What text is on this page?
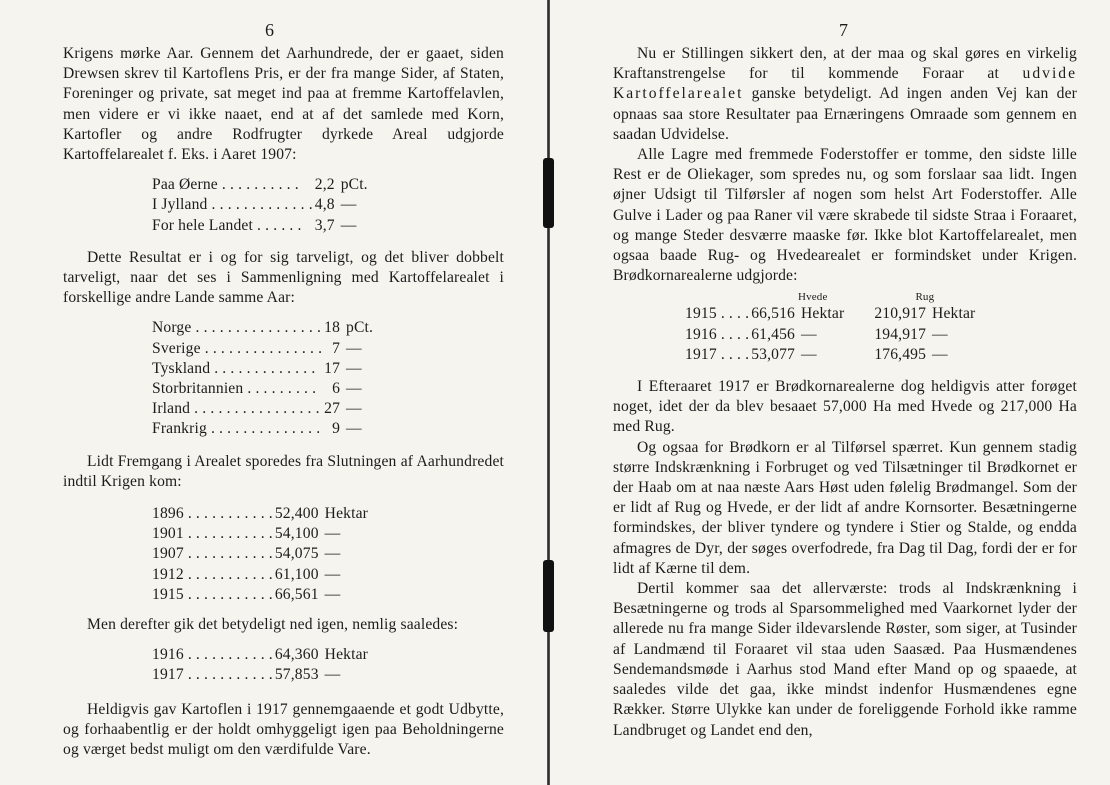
6

Krigens mørke Aar. Gennem det Aarhundrede, der er gaaet, siden Drewsen skrev til Kartoflens Pris, er der fra mange Sider, af Staten, Foreninger og private, sat meget ind paa at fremme Kartoffelavlen, men videre er vi ikke naaet, end at af det samlede med Korn, Kartofler og andre Rodfrugter dyrkede Areal udgjorde Kartoffelarealet f. Eks. i Aaret 1907:

Paa Øerne . . . . . . . . . .	2,2	pCt.
I Jylland . . . . . . . . . . . . .	4,8	—
For hele Landet . . . . . .	3,7	—

Dette Resultat er i og for sig tarveligt, og det bliver dobbelt tarveligt, naar det ses i Sammenligning med Kartoffelarealet i forskellige andre Lande samme Aar:

Norge . . . . . . . . . . . . . . . .	18	pCt.
Sverige . . . . . . . . . . . . . . .	7	—
Tyskland . . . . . . . . . . . . .	17	—
Storbritannien . . . . . . . . .	6	—
Irland . . . . . . . . . . . . . . . .	27	—
Frankrig . . . . . . . . . . . . . .	9	—

Lidt Fremgang i Arealet sporedes fra Slutningen af Aarhundredet indtil Krigen kom:

1896 . . . . . . . . . . .	52,400	Hektar
1901 . . . . . . . . . . .	54,100	—
1907 . . . . . . . . . . .	54,075	—
1912 . . . . . . . . . . .	61,100	—
1915 . . . . . . . . . . .	66,561	—

Men derefter gik det betydeligt ned igen, nemlig saaledes:

1916 . . . . . . . . . . .	64,360	Hektar
1917 . . . . . . . . . . .	57,853	—

Heldigvis gav Kartoflen i 1917 gennemgaaende et godt Udbytte, og forhaabentlig er der holdt omhyggeligt igen paa Beholdningerne og værget bedst muligt om den værdifulde Vare.

7

Nu er Stillingen sikkert den, at der maa og skal gøres en virkelig Kraftanstrengelse for til kommende Foraar at udvide Kartoffelarealet ganske betydeligt. Ad ingen anden Vej kan der opnaas saa store Resultater paa Ernæringens Omraade som gennem en saadan Udvidelse.

Alle Lagre med fremmede Foderstoffer er tomme, den sidste lille Rest er de Oliekager, som spredes nu, og som forslaar saa lidt. Ingen øjner Udsigt til Tilførsler af nogen som helst Art Foderstoffer. Alle Gulve i Lader og paa Raner vil være skrabede til sidste Straa i Foraaret, og mange Steder desværre maaske før. Ikke blot Kartoffelarealet, men ogsaa baade Rug- og Hvedearealet er formindsket under Krigen. Brødkornarealerne udgjorde:

	Hvede		Rug	
1915 . . . .	66,516	Hektar	210,917	Hektar
1916 . . . .	61,456	—	194,917	—
1917 . . . .	53,077	—	176,495	—

I Efteraaret 1917 er Brødkornarealerne dog heldigvis atter forøget noget, idet der da blev besaaet 57,000 Ha med Hvede og 217,000 Ha med Rug.

Og ogsaa for Brødkorn er al Tilførsel spærret. Kun gennem stadig større Indskrænkning i Forbruget og ved Tilsætninger til Brødkornet er der Haab om at naa næste Aars Høst uden følelig Brødmangel. Som der er lidt af Rug og Hvede, er der lidt af andre Kornsorter. Besætningerne formindskes, der bliver tyndere og tyndere i Stier og Stalde, og endda afmagres de Dyr, der søges overfodrede, fra Dag til Dag, fordi der er for lidt af Kærne til dem.

Dertil kommer saa det allerværste: trods al Indskrænkning i Besætningerne og trods al Sparsommelighed med Vaarkornet lyder der allerede nu fra mange Sider ildevarslende Røster, som siger, at Tusinder af Landmænd til Foraaret vil staa uden Saasæd. Paa Husmændenes Sendemandsmøde i Aarhus stod Mand efter Mand op og spaaede, at saaledes vilde det gaa, ikke mindst indenfor Husmændenes egne Rækker. Større Ulykke kan under de foreliggende Forhold ikke ramme Landbruget og Landet end den,
